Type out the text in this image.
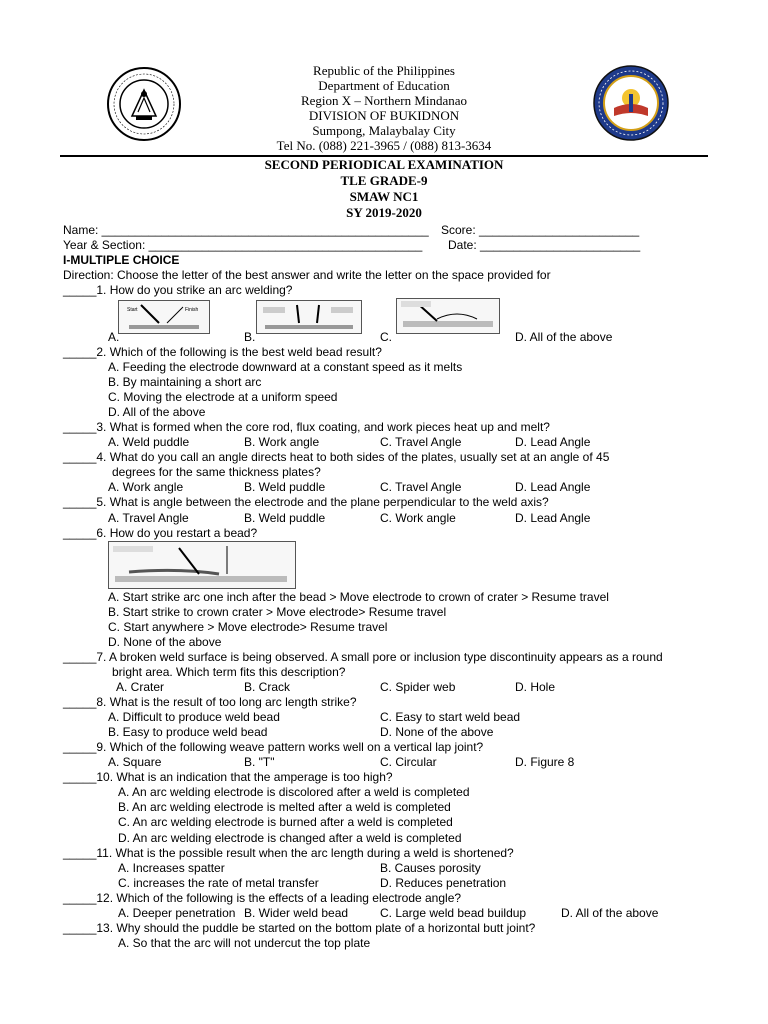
Republic of the Philippines
Department of Education
Region X – Northern Mindanao
DIVISION OF BUKIDNON
Sumpong, Malaybalay City
Tel No. (088) 221-3965 / (088) 813-3634
SECOND PERIODICAL EXAMINATION
TLE GRADE-9
SMAW NC1
SY 2019-2020
Name: _________________________________________________ Score: ________________________
Year & Section: _________________________________________ Date: ________________________
I-MULTIPLE CHOICE
Direction: Choose the letter of the best answer and write the letter on the space provided for
_____1. How do you strike an arc welding?
Start	Finish
A.	B.	C.	D. All of the above
_____2. Which of the following is the best weld bead result?
A. Feeding the electrode downward at a constant speed as it melts
B. By maintaining a short arc
C. Moving the electrode at a uniform speed
D. All of the above
_____3. What is formed when the core rod, flux coating, and work pieces heat up and melt?
A. Weld puddle	B. Work angle	C. Travel Angle	D. Lead Angle
_____4. What do you call an angle directs heat to both sides of the plates, usually set at an angle of 45
degrees for the same thickness plates?
A. Work angle	B. Weld puddle	C. Travel Angle	D. Lead Angle
_____5. What is angle between the electrode and the plane perpendicular to the weld axis?
A. Travel Angle	B. Weld puddle	C. Work angle	D. Lead Angle
_____6. How do you restart a bead?
A. Start strike arc one inch after the bead > Move electrode to crown of crater > Resume travel
B. Start strike to crown crater > Move electrode> Resume travel
C. Start anywhere > Move electrode> Resume travel
D. None of the above
_____7. A broken weld surface is being observed. A small pore or inclusion type discontinuity appears as a round
bright area. Which term fits this description?
A. Crater	B. Crack	C. Spider web	D. Hole
_____8. What is the result of too long arc length strike?
A. Difficult to produce weld bead	C. Easy to start weld bead
B. Easy to produce weld bead	D. None of the above
_____9. Which of the following weave pattern works well on a vertical lap joint?
A. Square	B. "T"	C. Circular	D. Figure 8
_____10. What is an indication that the amperage is too high?
A. An arc welding electrode is discolored after a weld is completed
B. An arc welding electrode is melted after a weld is completed
C. An arc welding electrode is burned after a weld is completed
D. An arc welding electrode is changed after a weld is completed
_____11. What is the possible result when the arc length during a weld is shortened?
A. Increases spatter	B. Causes porosity
C. increases the rate of metal transfer	D. Reduces penetration
_____12. Which of the following is the effects of a leading electrode angle?
A. Deeper penetration B. Wider weld bead	C. Large weld bead buildup	D. All of the above
_____13. Why should the puddle be started on the bottom plate of a horizontal butt joint?
A. So that the arc will not undercut the top plate
